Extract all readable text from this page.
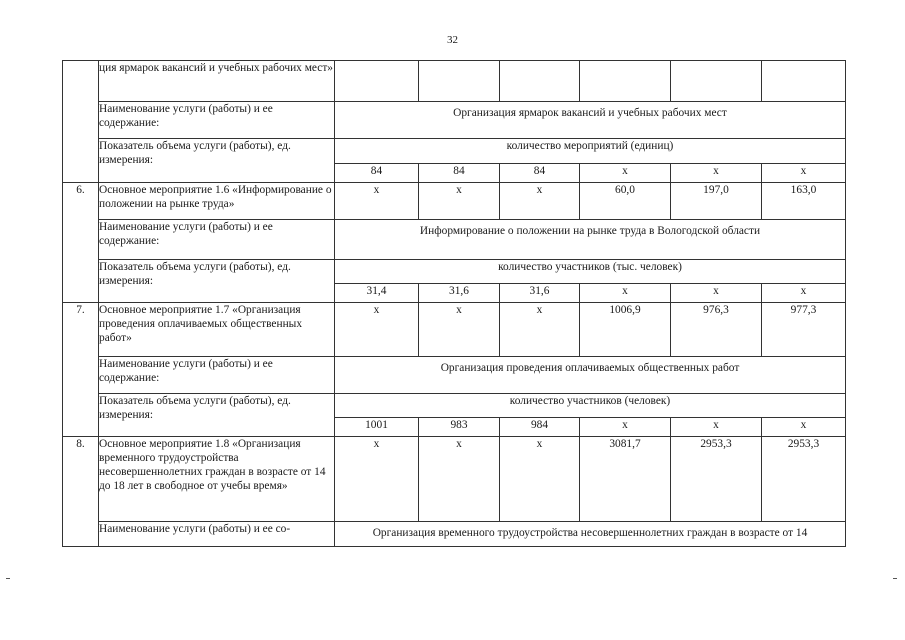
32
	ция ярмарок вакансий и учебных рабочих мест»						
	Наименование услуги (работы) и ее содержание:	Организация ярмарок вакансий и учебных рабочих мест					
	Показатель объема услуги (работы), ед. измерения:	количество мероприятий (единиц)					
		84	84	84	х	х	х
6.	Основное мероприятие 1.6 «Информирование о положении на рынке труда»	х	х	х	60,0	197,0	163,0
	Наименование услуги (работы) и ее содержание:	Информирование о положении на рынке труда в Вологодской области					
	Показатель объема услуги (работы), ед. измерения:	количество участников (тыс. человек)					
		31,4	31,6	31,6	х	х	х
7.	Основное мероприятие 1.7 «Организация проведения оплачиваемых общественных работ»	х	х	х	1006,9	976,3	977,3
	Наименование услуги (работы) и ее содержание:	Организация проведения оплачиваемых общественных работ					
	Показатель объема услуги (работы), ед. измерения:	количество участников (человек)					
		1001	983	984	х	х	х
8.	Основное мероприятие 1.8 «Организация временного трудоустройства несовершеннолетних граждан в возрасте от 14 до 18 лет в свободное от учебы время»	х	х	х	3081,7	2953,3	2953,3
	Наименование услуги (работы) и ее со-	Организация временного трудоустройства несовершеннолетних граждан в возрасте от 14					
